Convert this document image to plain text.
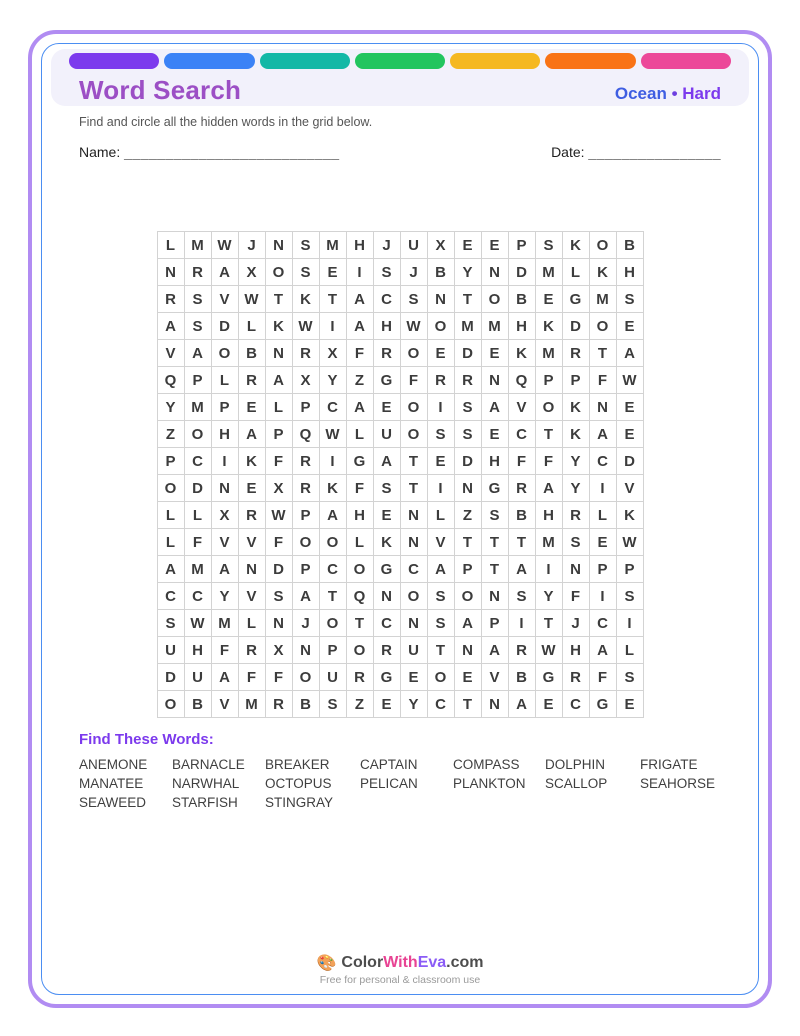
Word Search	Ocean • Hard
Find and circle all the hidden words in the grid below.
Name: __________________________	Date: ________________
L	M	W	J	N	S	M	H	J	U	X	E	E	P	S	K	O	B
N	R	A	X	O	S	E	I	S	J	B	Y	N	D	M	L	K	H
R	S	V	W	T	K	T	A	C	S	N	T	O	B	E	G	M	S
A	S	D	L	K	W	I	A	H	W	O	M	M	H	K	D	O	E
V	A	O	B	N	R	X	F	R	O	E	D	E	K	M	R	T	A
Q	P	L	R	A	X	Y	Z	G	F	R	R	N	Q	P	P	F	W
Y	M	P	E	L	P	C	A	E	O	I	S	A	V	O	K	N	E
Z	O	H	A	P	Q	W	L	U	O	S	S	E	C	T	K	A	E
P	C	I	K	F	R	I	G	A	T	E	D	H	F	F	Y	C	D
O	D	N	E	X	R	K	F	S	T	I	N	G	R	A	Y	I	V
L	L	X	R	W	P	A	H	E	N	L	Z	S	B	H	R	L	K
L	F	V	V	F	O	O	L	K	N	V	T	T	T	M	S	E	W
A	M	A	N	D	P	C	O	G	C	A	P	T	A	I	N	P	P
C	C	Y	V	S	A	T	Q	N	O	S	O	N	S	Y	F	I	S
S	W	M	L	N	J	O	T	C	N	S	A	P	I	T	J	C	I
U	H	F	R	X	N	P	O	R	U	T	N	A	R	W	H	A	L
D	U	A	F	F	O	U	R	G	E	O	E	V	B	G	R	F	S
O	B	V	M	R	B	S	Z	E	Y	C	T	N	A	E	C	G	E
Find These Words:
ANEMONE	BARNACLE	BREAKER	CAPTAIN	COMPASS	DOLPHIN	FRIGATE
MANATEE	NARWHAL	OCTOPUS	PELICAN	PLANKTON	SCALLOP	SEAHORSE
SEAWEED	STARFISH	STINGRAY
🎨 ColorWithEva.com
Free for personal & classroom use
